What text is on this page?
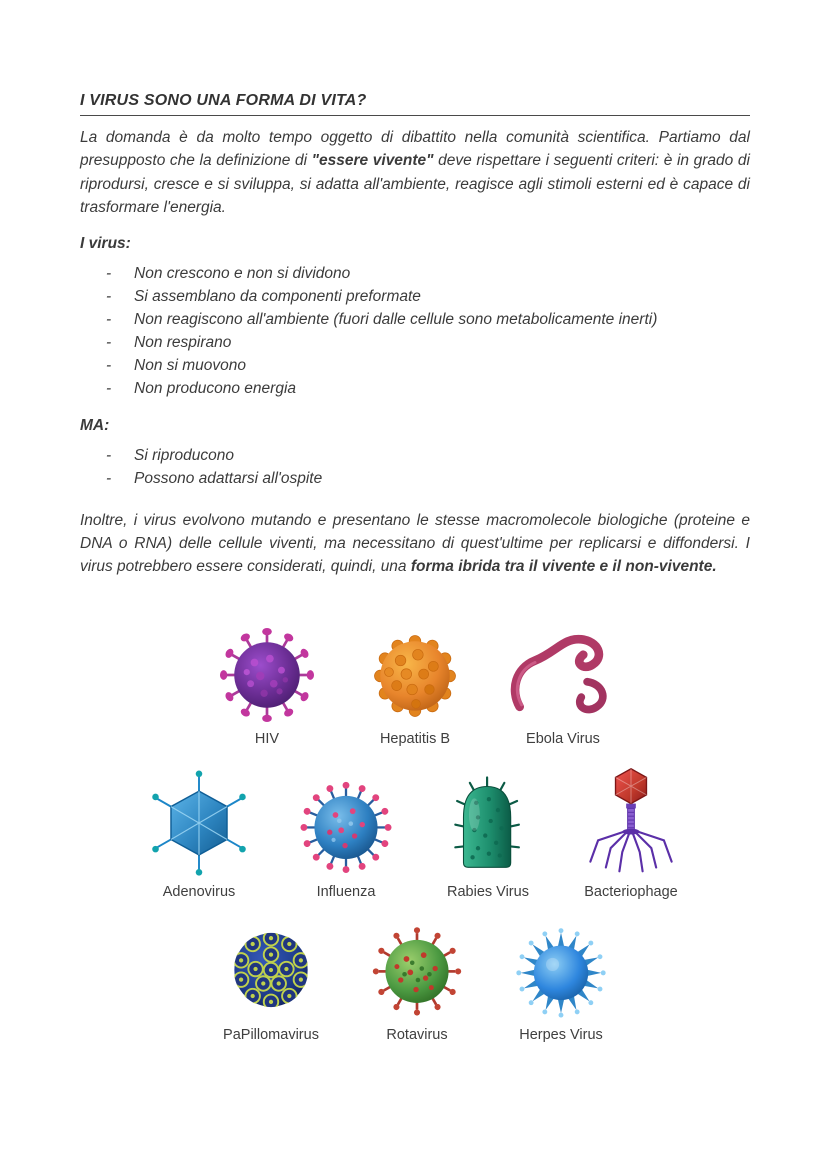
I VIRUS SONO UNA FORMA DI VITA?

La domanda è da molto tempo oggetto di dibattito nella comunità scientifica. Partiamo dal presupposto che la definizione di "essere vivente" deve rispettare i seguenti criteri: è in grado di riprodursi, cresce e si sviluppa, si adatta all'ambiente, reagisce agli stimoli esterni ed è capace di trasformare l'energia.

I virus:
-	Non crescono e non si dividono
-	Si assemblano da componenti preformate
-	Non reagiscono all'ambiente (fuori dalle cellule sono metabolicamente inerti)
-	Non respirano
-	Non si muovono
-	Non producono energia
MA:
-	Si riproducono
-	Possono adattarsi all'ospite

Inoltre, i virus evolvono mutando e presentano le stesse macromolecole biologiche (proteine e DNA o RNA) delle cellule viventi, ma necessitano di quest'ultime per replicarsi e diffondersi. I virus potrebbero essere considerati, quindi, una forma ibrida tra il vivente e il non-vivente.

HIV	Hepatitis B	Ebola Virus
Adenovirus	Influenza	Rabies Virus	Bacteriophage
PaPillomavirus	Rotavirus	Herpes Virus
